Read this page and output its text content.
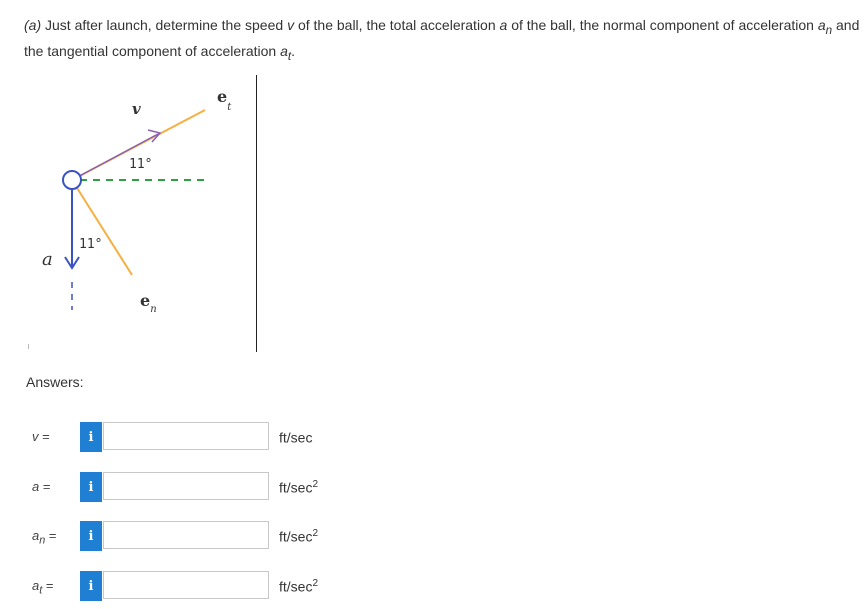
(a) Just after launch, determine the speed v of the ball, the total acceleration a of the ball, the normal component of acceleration $a_n$ and the tangential component of acceleration $a_t$.
v
$e_t$
11°
11°
a
$e_n$
Answers:
v =	i	ft/sec
a =	i	$ft/\sec^2$
$a_n$ =	i	$ft/\sec^2$
$a_t$ =	i	$ft/\sec^2$
